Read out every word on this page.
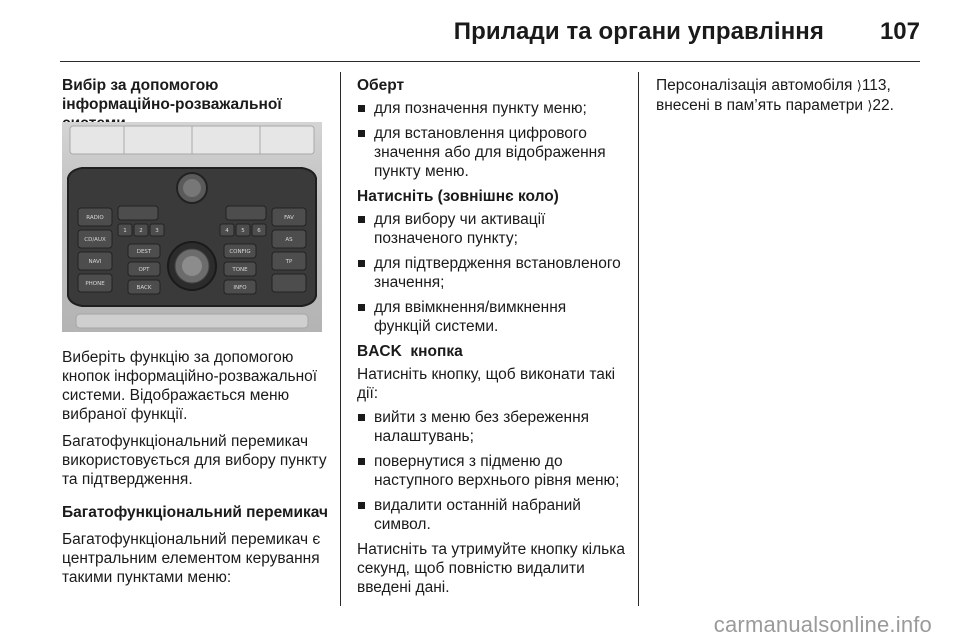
Прилади та органи управління 107

Вибір за допомогою інформаційно-розважальної

RADIO
CD/AUX
NAVI
PHONE
FAV
AS
TP
DEST	CONFIG
OPT	TONE
BACK	INFO
1 2 3	4 5 6

Виберіть функцію за допомогою кнопок інформаційно-розважальної системи. Відображається меню вибраної функції.

Багатофункціональний перемикач використовується для вибору пункту та підтвердження.

Багатофункціональний перемикач

Багатофункціональний перемикач є центральним елементом керування такими пунктами меню:

Оберт

для позначення пункту меню;
для встановлення цифрового значення або для відображення пункту меню.

Натисніть (зовнішнє коло)

для вибору чи активації позначеного пункту;
для підтвердження встановленого значення;
для ввімкнення/вимкнення функцій системи.

BACK  кнопка

Натисніть кнопку, щоб виконати такі дії:

вийти з меню без збереження налаштувань;
повернутися з підменю до наступного верхнього рівня меню;
видалити останній набраний символ.

Натисніть та утримуйте кнопку кілька секунд, щоб повністю видалити введені дані.

Персоналізація автомобіля ⟩113,
внесені в пам’ять параметри ⟩22.
carmanualsonline.info
